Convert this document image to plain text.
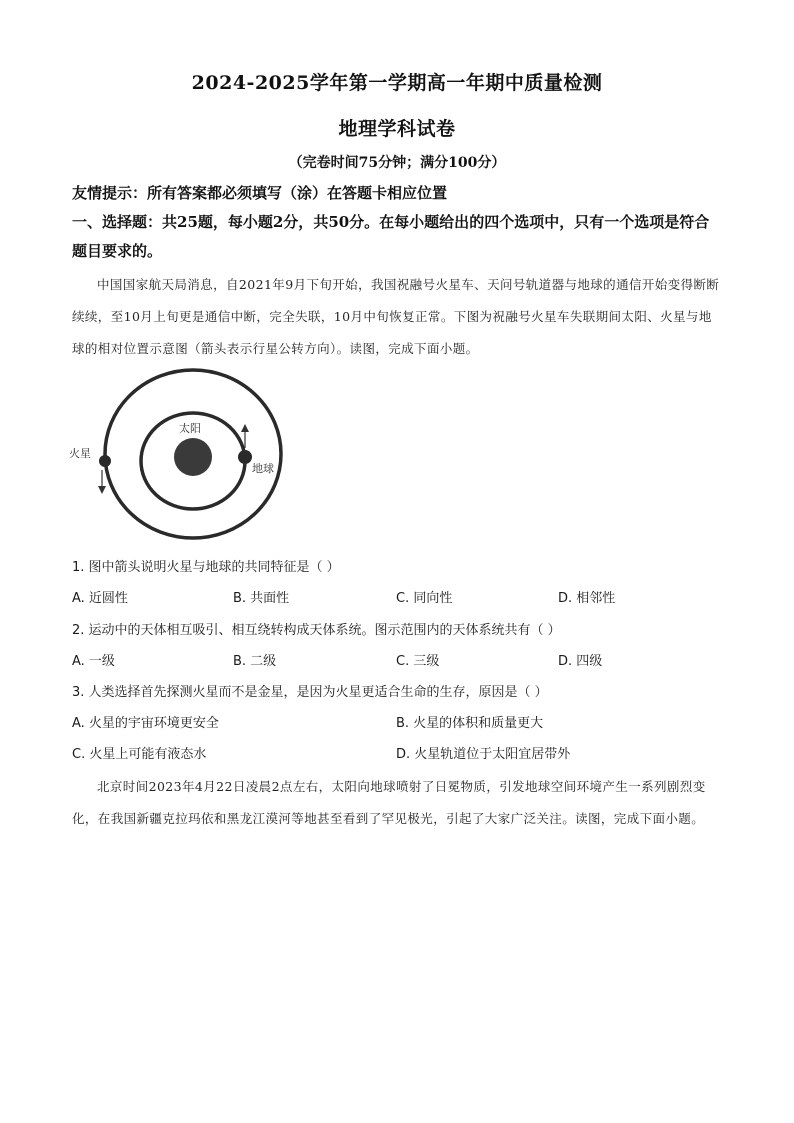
2024-2025学年第一学期高一年期中质量检测
地理学科试卷
（完卷时间75分钟；满分100分）
友情提示：所有答案都必须填写（涂）在答题卡相应位置
一、选择题：共25题，每小题2分，共50分。在每小题给出的四个选项中，只有一个选项是符合题目要求的。
中国国家航天局消息，自2021年9月下旬开始，我国祝融号火星车、天问号轨道器与地球的通信开始变得断断续续，至10月上旬更是通信中断，完全失联，10月中旬恢复正常。下图为祝融号火星车失联期间太阳、火星与地球的相对位置示意图（箭头表示行星公转方向）。读图，完成下面小题。
太阳
火星
地球
1. 图中箭头说明火星与地球的共同特征是（ ）
A. 近圆性	B. 共面性	C. 同向性	D. 相邻性
2. 运动中的天体相互吸引、相互绕转构成天体系统。图示范围内的天体系统共有（ ）
A. 一级	B. 二级	C. 三级	D. 四级
3. 人类选择首先探测火星而不是金星，是因为火星更适合生命的生存，原因是（ ）
A. 火星的宇宙环境更安全	B. 火星的体积和质量更大
C. 火星上可能有液态水	D. 火星轨道位于太阳宜居带外
北京时间2023年4月22日凌晨2点左右，太阳向地球喷射了日冕物质，引发地球空间环境产生一系列剧烈变化，在我国新疆克拉玛依和黑龙江漠河等地甚至看到了罕见极光，引起了大家广泛关注。读图，完成下面小题。
